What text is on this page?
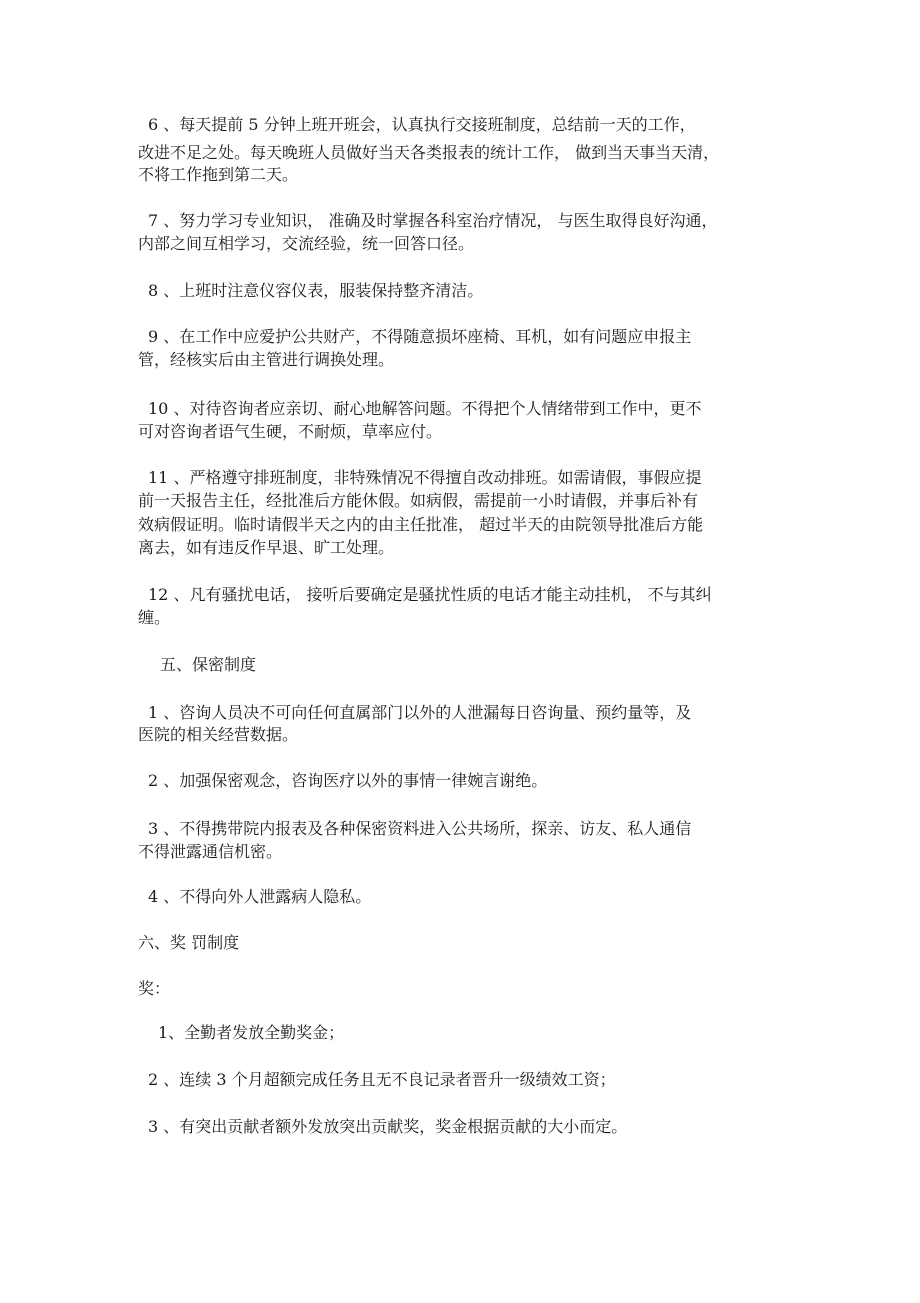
6 、每天提前 5 分钟上班开班会，认真执行交接班制度，总结前一天的工作，
改进不足之处。每天晚班人员做好当天各类报表的统计工作， 做到当天事当天清，
不将工作拖到第二天。
7 、努力学习专业知识， 准确及时掌握各科室治疗情况， 与医生取得良好沟通，
内部之间互相学习，交流经验，统一回答口径。
8 、上班时注意仪容仪表，服装保持整齐清洁。
9 、在工作中应爱护公共财产，不得随意损坏座椅、耳机，如有问题应申报主
管，经核实后由主管进行调换处理。
10 、对待咨询者应亲切、耐心地解答问题。不得把个人情绪带到工作中，更不
可对咨询者语气生硬，不耐烦，草率应付。
11 、严格遵守排班制度，非特殊情况不得擅自改动排班。如需请假，事假应提
前一天报告主任，经批准后方能休假。如病假，需提前一小时请假，并事后补有
效病假证明。临时请假半天之内的由主任批准， 超过半天的由院领导批准后方能
离去，如有违反作早退、旷工处理。
12 、凡有骚扰电话， 接听后要确定是骚扰性质的电话才能主动挂机， 不与其纠
缠。
五、保密制度
1 、咨询人员决不可向任何直属部门以外的人泄漏每日咨询量、预约量等，及
医院的相关经营数据。
2 、加强保密观念，咨询医疗以外的事情一律婉言谢绝。
3 、不得携带院内报表及各种保密资料进入公共场所，探亲、访友、私人通信
不得泄露通信机密。
4 、不得向外人泄露病人隐私。
六、奖 罚制度
奖：
1、全勤者发放全勤奖金；
2 、连续 3 个月超额完成任务且无不良记录者晋升一级绩效工资；
3 、有突出贡献者额外发放突出贡献奖，奖金根据贡献的大小而定。
